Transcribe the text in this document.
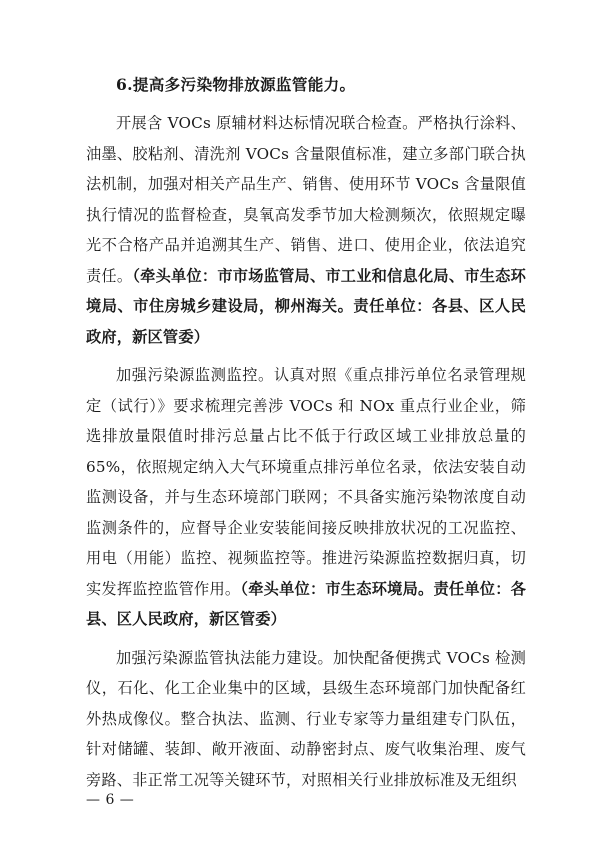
6.提高多污染物排放源监管能力。

开展含 VOCs 原辅材料达标情况联合检查。严格执行涂料、油墨、胶粘剂、清洗剂 VOCs 含量限值标准，建立多部门联合执法机制，加强对相关产品生产、销售、使用环节 VOCs 含量限值执行情况的监督检查，臭氧高发季节加大检测频次，依照规定曝光不合格产品并追溯其生产、销售、进口、使用企业，依法追究责任。（牵头单位：市市场监管局、市工业和信息化局、市生态环境局、市住房城乡建设局，柳州海关。责任单位：各县、区人民政府，新区管委）

加强污染源监测监控。认真对照《重点排污单位名录管理规定（试行）》要求梳理完善涉 VOCs 和 NOx 重点行业企业，筛选排放量限值时排污总量占比不低于行政区域工业排放总量的 65%，依照规定纳入大气环境重点排污单位名录，依法安装自动监测设备，并与生态环境部门联网；不具备实施污染物浓度自动监测条件的，应督导企业安装能间接反映排放状况的工况监控、用电（用能）监控、视频监控等。推进污染源监控数据归真，切实发挥监控监管作用。（牵头单位：市生态环境局。责任单位：各县、区人民政府，新区管委）

加强污染源监管执法能力建设。加快配备便携式 VOCs 检测仪，石化、化工企业集中的区域，县级生态环境部门加快配备红外热成像仪。整合执法、监测、行业专家等力量组建专门队伍，针对储罐、装卸、敞开液面、动静密封点、废气收集治理、废气旁路、非正常工况等关键环节，对照相关行业排放标准及无组织

— 6 —
